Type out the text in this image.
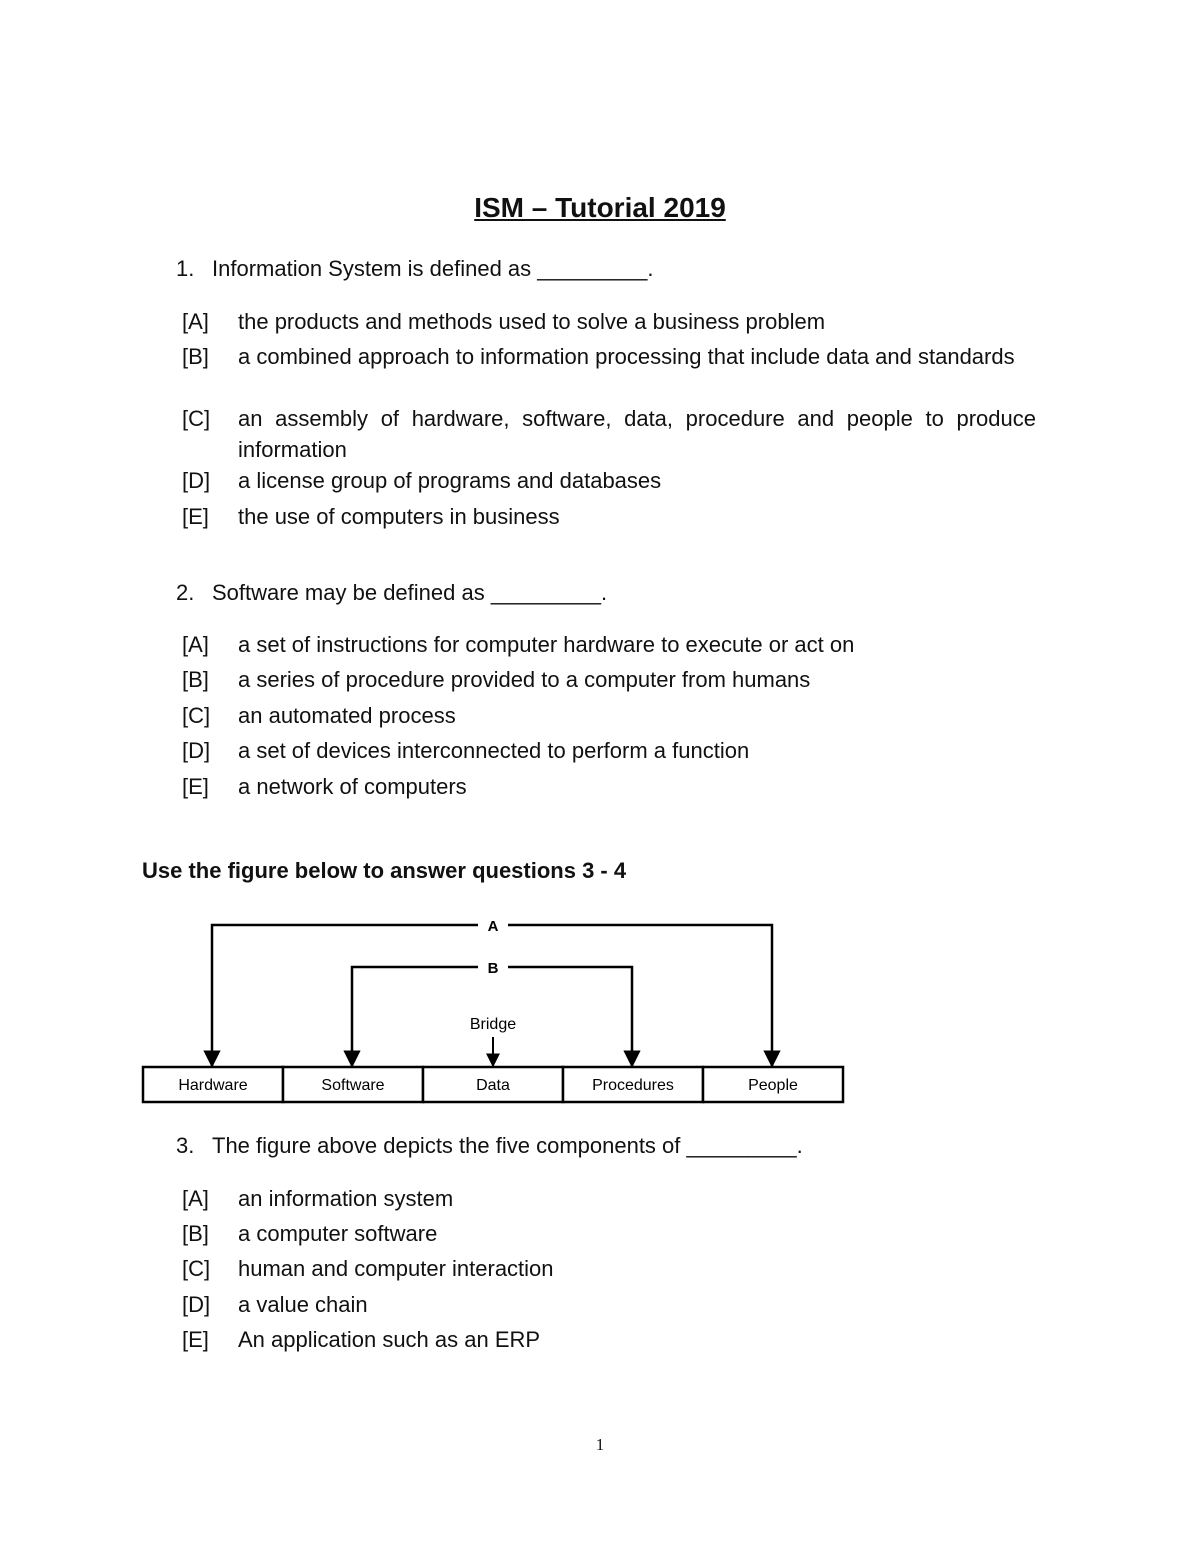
ISM – Tutorial 2019
1. Information System is defined as _________.
[A]	the products and methods used to solve a business problem
[B]	a combined approach to information processing that include data and standards
[C]	an assembly of hardware, software, data, procedure and people to produce information
[D]	a license group of programs and databases
[E]	the use of computers in business
2. Software may be defined as _________.
[A]	a set of instructions for computer hardware to execute or act on
[B]	a series of procedure provided to a computer from humans
[C]	an automated process
[D]	a set of devices interconnected to perform a function
[E]	a network of computers
Use the figure below to answer questions 3 - 4
A
B
Bridge
Hardware	Software	Data	Procedures	People
3. The figure above depicts the five components of _________.
[A]	an information system
[B]	a computer software
[C]	human and computer interaction
[D]	a value chain
[E]	An application such as an ERP
1
